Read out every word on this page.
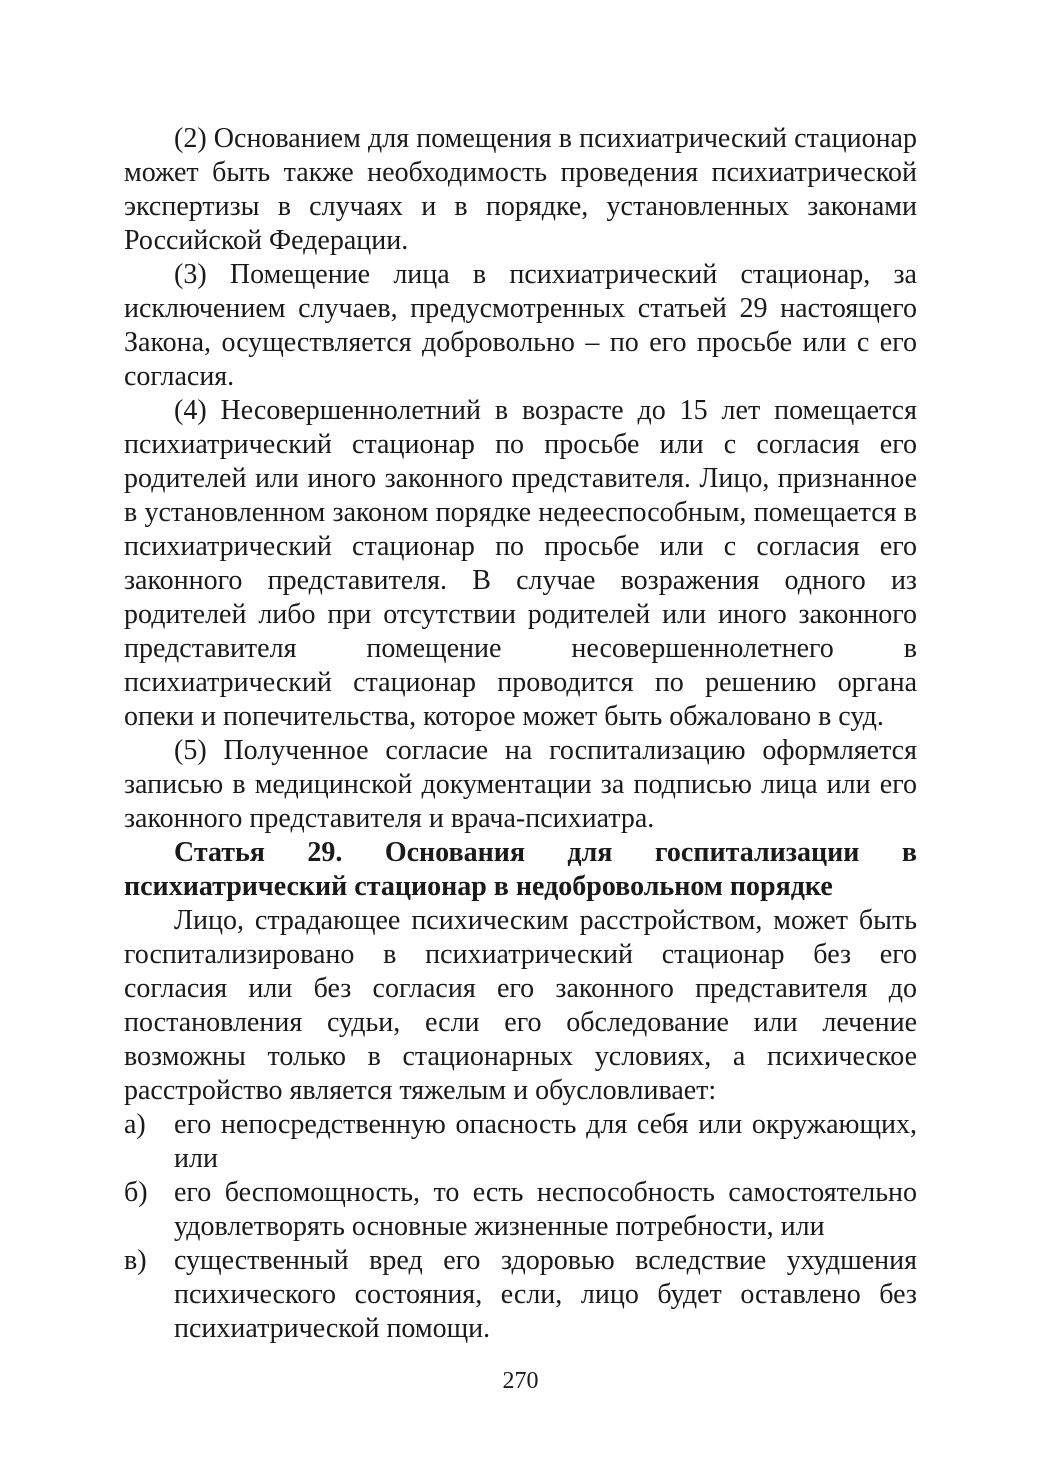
(2) Основанием для помещения в психиатрический стационар может быть также необходимость проведения психиатрической экспертизы в случаях и в порядке, установленных законами Российской Федерации.

(3) Помещение лица в психиатрический стационар, за исключением случаев, предусмотренных статьей 29 настоящего Закона, осуществляется добровольно – по его просьбе или с его согласия.

(4) Несовершеннолетний в возрасте до 15 лет помещается психиатрический стационар по просьбе или с согласия его родителей или иного законного представителя. Лицо, признанное в установленном законом порядке недееспособным, помещается в психиатрический стационар по просьбе или с согласия его законного представителя. В случае возражения одного из родителей либо при отсутствии родителей или иного законного представителя помещение несовершеннолетнего в психиатрический стационар проводится по решению органа опеки и попечительства, которое может быть обжаловано в суд.

(5) Полученное согласие на госпитализацию оформляется записью в медицинской документации за подписью лица или его законного представителя и врача-психиатра.

Статья 29. Основания для госпитализации в психиатрический стационар в недобровольном порядке

Лицо, страдающее психическим расстройством, может быть госпитализировано в психиатрический стационар без его согласия или без согласия его законного представителя до постановления судьи, если его обследование или лечение возможны только в стационарных условиях, а психическое расстройство является тяжелым и обусловливает:

а) его непосредственную опасность для себя или окружающих, или
б) его беспомощность, то есть неспособность самостоятельно удовлетворять основные жизненные потребности, или
в) существенный вред его здоровью вследствие ухудшения психического состояния, если, лицо будет оставлено без психиатрической помощи.
270
